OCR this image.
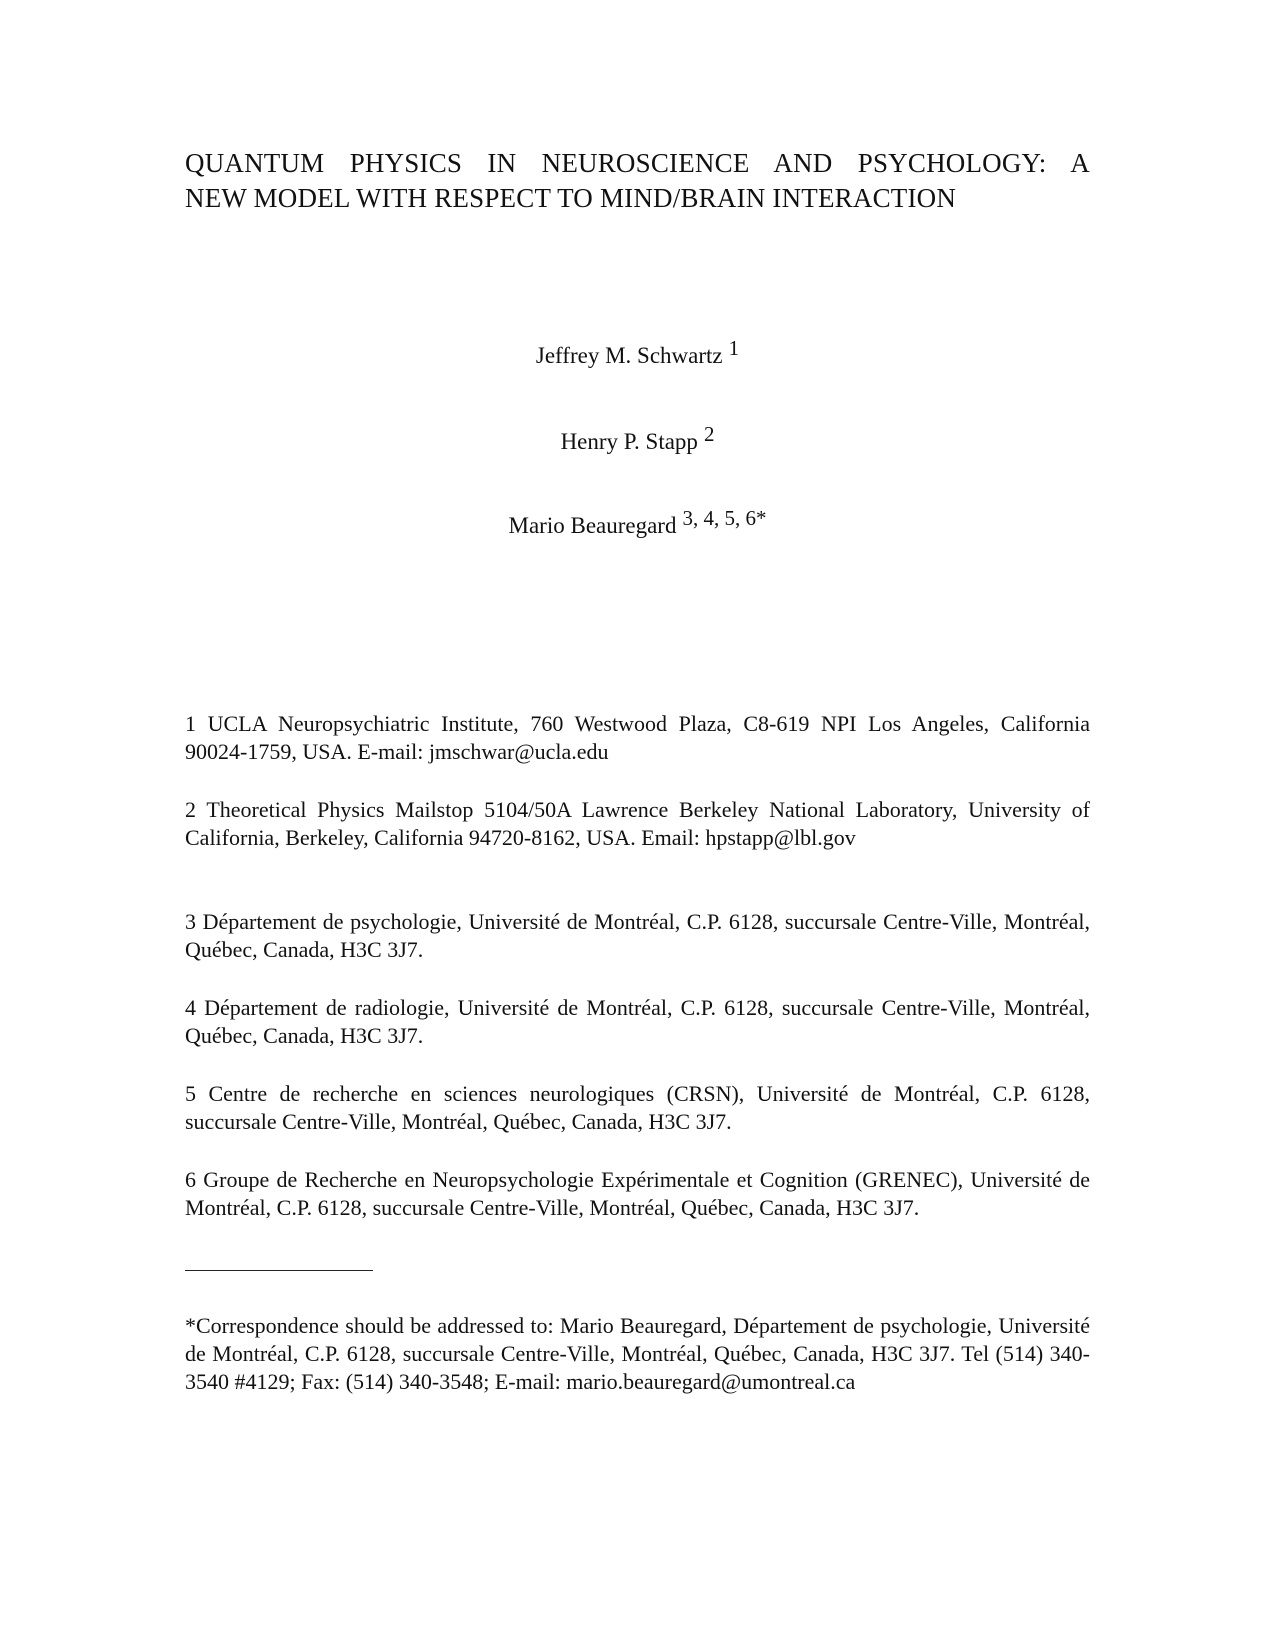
QUANTUM PHYSICS IN NEUROSCIENCE AND PSYCHOLOGY: A
NEW MODEL WITH RESPECT TO MIND/BRAIN INTERACTION
Jeffrey M. Schwartz $^1$
Henry P. Stapp $^2$
Mario Beauregard $^{3, 4, 5, 6*}$

1 UCLA Neuropsychiatric Institute, 760 Westwood Plaza, C8-619 NPI Los Angeles, California 90024-1759, USA. E-mail: jmschwar@ucla.edu

2 Theoretical Physics Mailstop 5104/50A Lawrence Berkeley National Laboratory, University of California, Berkeley, California 94720-8162, USA. Email: hpstapp@lbl.gov

3 Département de psychologie, Université de Montréal, C.P. 6128, succursale Centre-Ville, Montréal, Québec, Canada, H3C 3J7.

4 Département de radiologie, Université de Montréal, C.P. 6128, succursale Centre-Ville, Montréal, Québec, Canada, H3C 3J7.

5 Centre de recherche en sciences neurologiques (CRSN), Université de Montréal, C.P. 6128, succursale Centre-Ville, Montréal, Québec, Canada, H3C 3J7.

6 Groupe de Recherche en Neuropsychologie Expérimentale et Cognition (GRENEC), Université de Montréal, C.P. 6128, succursale Centre-Ville, Montréal, Québec, Canada, H3C 3J7.

*Correspondence should be addressed to: Mario Beauregard, Département de psychologie, Université de Montréal, C.P. 6128, succursale Centre-Ville, Montréal, Québec, Canada, H3C 3J7. Tel (514) 340-3540 #4129; Fax: (514) 340-3548; E-mail: mario.beauregard@umontreal.ca
